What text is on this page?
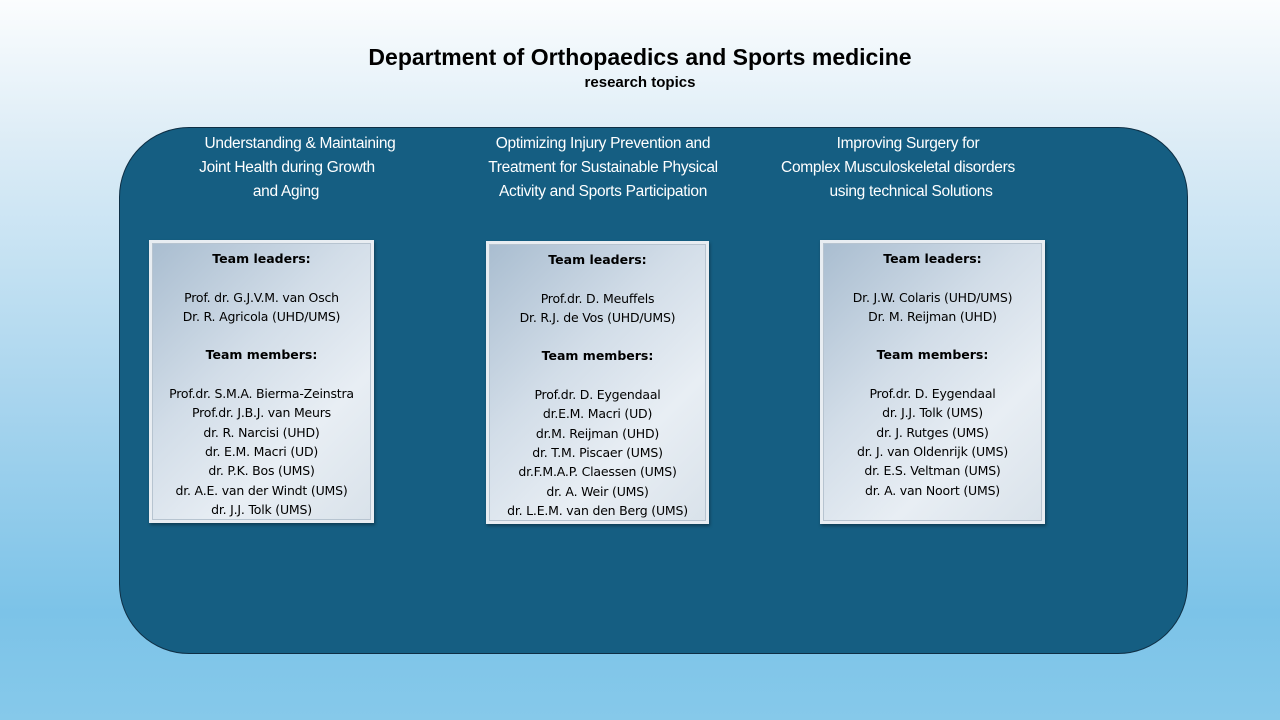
Department of Orthopaedics and Sports medicine
research topics
Understanding & Maintaining
Joint Health during Growth
and Aging
Optimizing Injury Prevention and
Treatment for Sustainable Physical
Activity and Sports Participation
Improving Surgery for
Complex Musculoskeletal disorders
using technical Solutions
Team leaders:
Prof. dr. G.J.V.M. van Osch
Dr. R. Agricola (UHD/UMS)
Team members:
Prof.dr. S.M.A. Bierma-Zeinstra
Prof.dr. J.B.J. van Meurs
dr. R. Narcisi (UHD)
dr. E.M. Macri (UD)
dr. P.K. Bos (UMS)
dr. A.E. van der Windt (UMS)
dr. J.J. Tolk (UMS)
Team leaders:
Prof.dr. D. Meuffels
Dr. R.J. de Vos (UHD/UMS)
Team members:
Prof.dr. D. Eygendaal
dr.E.M. Macri (UD)
dr.M. Reijman (UHD)
dr. T.M. Piscaer (UMS)
dr.F.M.A.P. Claessen (UMS)
dr. A. Weir (UMS)
dr. L.E.M. van den Berg (UMS)
Team leaders:
Dr. J.W. Colaris (UHD/UMS)
Dr. M. Reijman (UHD)
Team members:
Prof.dr. D. Eygendaal
dr. J.J. Tolk (UMS)
dr. J. Rutges (UMS)
dr. J. van Oldenrijk (UMS)
dr. E.S. Veltman (UMS)
dr. A. van Noort (UMS)
